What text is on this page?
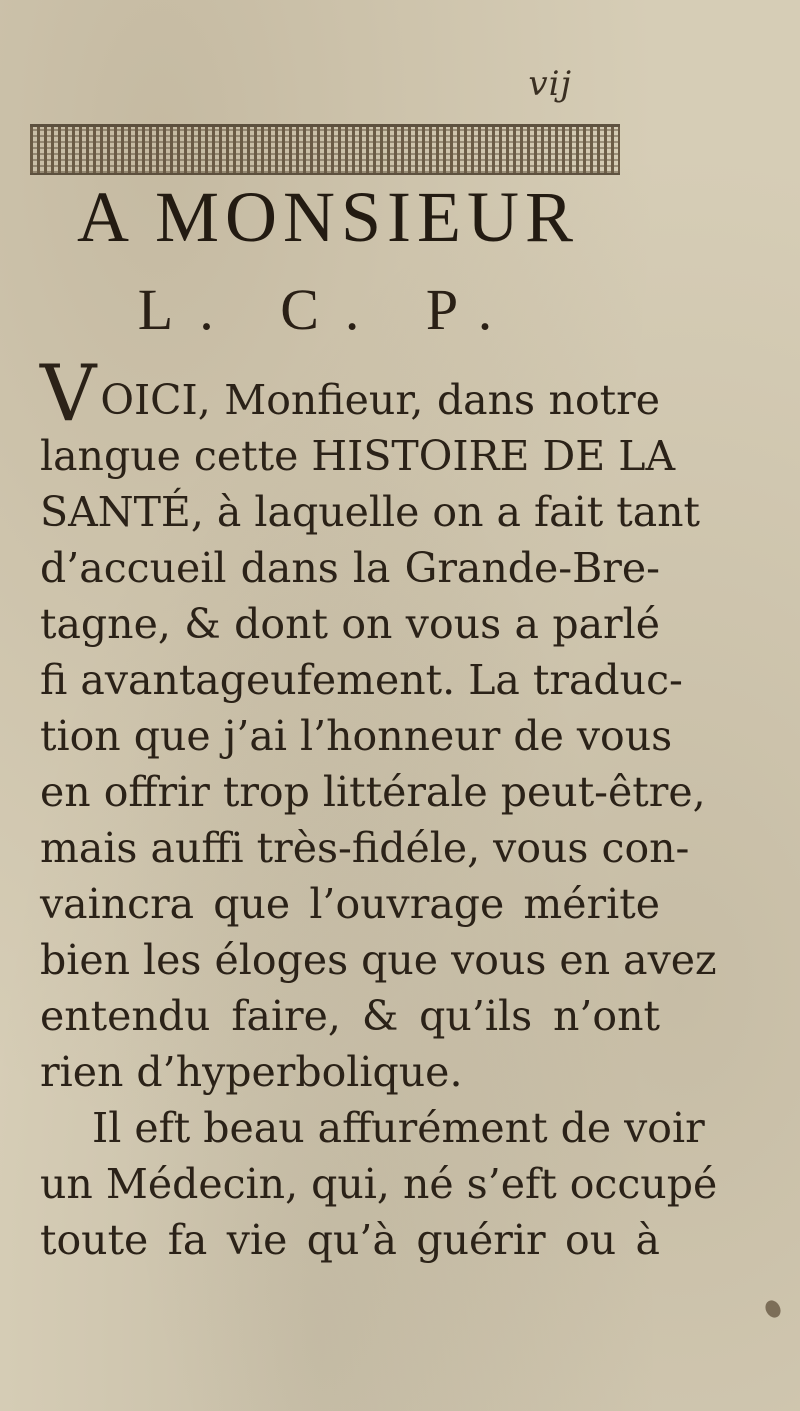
vij
A MONSIEUR
L. C. P.
VOICI, Monfieur, dans notre
langue cette HISTOIRE DE LA
SANTÉ, à laquelle on a fait tant
d’accueil dans la Grande-Bre-
tagne, & dont on vous a parlé
fi avantageufement. La traduc-
tion que j’ai l’honneur de vous
en offrir trop littérale peut-être,
mais auffi très-fidéle, vous con-
vaincra que l’ouvrage mérite
bien les éloges que vous en avez
entendu faire, & qu’ils n’ont
rien d’hyperbolique.
Il eft beau affurément de voir
un Médecin, qui, né s’eft occupé
toute fa vie qu’à guérir ou à
